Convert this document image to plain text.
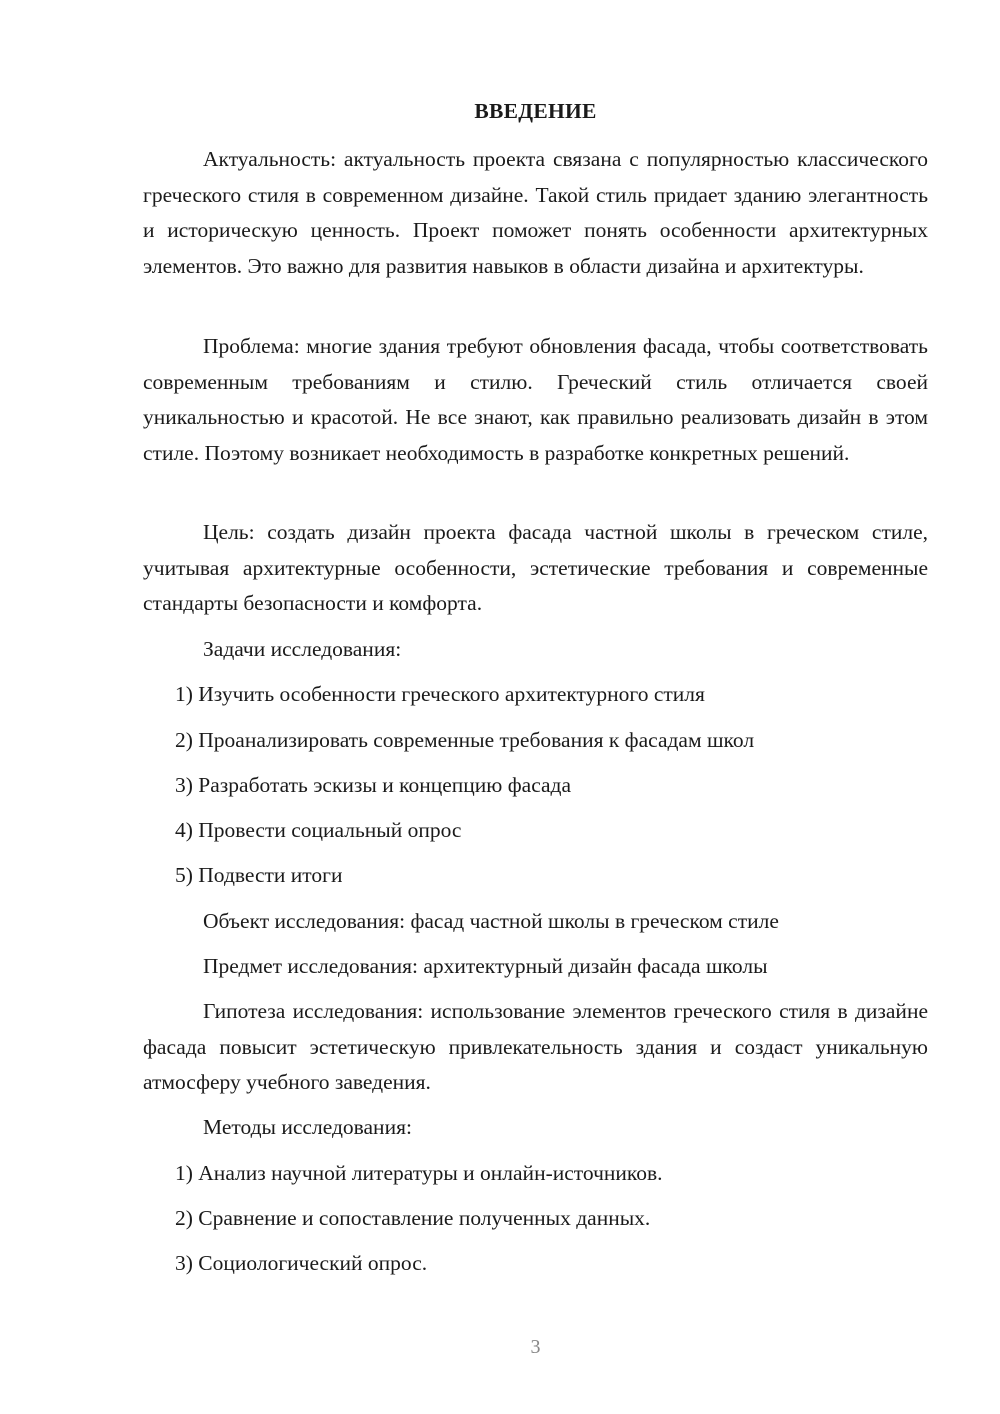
ВВЕДЕНИЕ

Актуальность: актуальность проекта связана с популярностью классического греческого стиля в современном дизайне. Такой стиль придает зданию элегантность и историческую ценность. Проект поможет понять особенности архитектурных элементов. Это важно для развития навыков в области дизайна и архитектуры.

Проблема: многие здания требуют обновления фасада, чтобы соответствовать современным требованиям и стилю. Греческий стиль отличается своей уникальностью и красотой. Не все знают, как правильно реализовать дизайн в этом стиле. Поэтому возникает необходимость в разработке конкретных решений.

Цель: создать дизайн проекта фасада частной школы в греческом стиле, учитывая архитектурные особенности, эстетические требования и современные стандарты безопасности и комфорта.

Задачи исследования:

1) Изучить особенности греческого архитектурного стиля

2) Проанализировать современные требования к фасадам школ

3) Разработать эскизы и концепцию фасада

4) Провести социальный опрос

5) Подвести итоги

Объект исследования: фасад частной школы в греческом стиле

Предмет исследования: архитектурный дизайн фасада школы

Гипотеза исследования: использование элементов греческого стиля в дизайне фасада повысит эстетическую привлекательность здания и создаст уникальную атмосферу учебного заведения.

Методы исследования:

1) Анализ научной литературы и онлайн-источников.

2) Сравнение и сопоставление полученных данных.

3) Социологический опрос.

3
